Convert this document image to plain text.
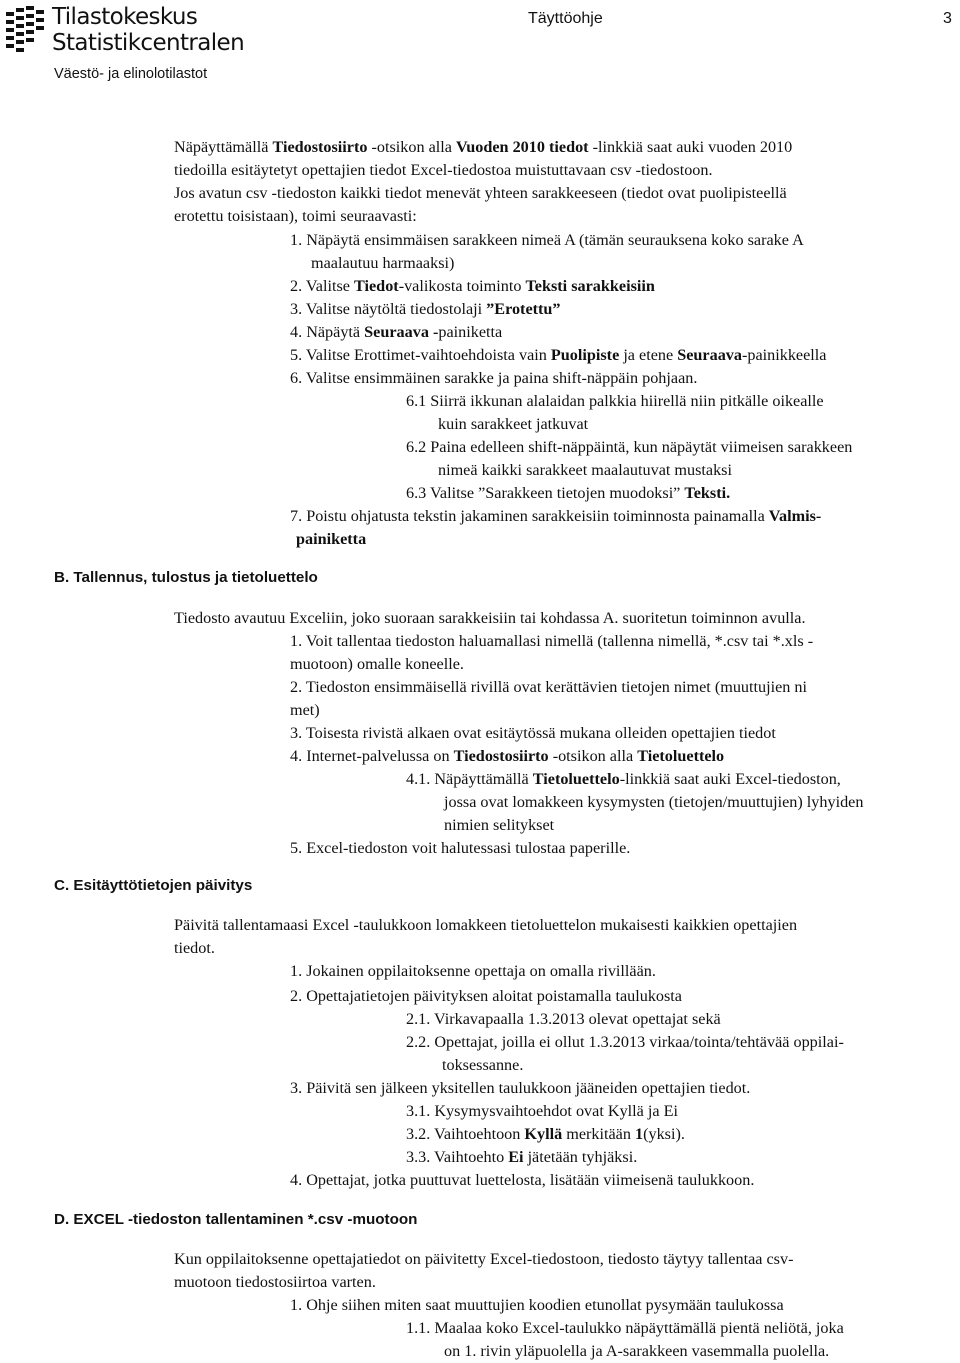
Tilastokeskus
Statistikcentralen
Täyttöohje	3
Väestö- ja elinolotilastot

Näpäyttämällä Tiedostosiirto -otsikon alla Vuoden 2010 tiedot -linkkiä saat auki vuoden 2010

tiedoilla esitäytetyt opettajien tiedot Excel-tiedostoa muistuttavaan csv -tiedostoon.

Jos avatun csv -tiedoston kaikki tiedot menevät yhteen sarakkeeseen (tiedot ovat puolipisteellä

erotettu toisistaan), toimi seuraavasti:

1. Näpäytä ensimmäisen sarakkeen nimeä A (tämän seurauksena koko sarake A

maalautuu harmaaksi)

2. Valitse Tiedot-valikosta toiminto Teksti sarakkeisiin

3. Valitse näytöltä tiedostolaji ”Erotettu”

4. Näpäytä Seuraava -painiketta

5. Valitse Erottimet-vaihtoehdoista vain Puolipiste ja etene Seuraava-painikkeella

6. Valitse ensimmäinen sarakke ja paina shift-näppäin pohjaan.

6.1 Siirrä ikkunan alalaidan palkkia hiirellä niin pitkälle oikealle

kuin sarakkeet jatkuvat

6.2 Paina edelleen shift-näppäintä, kun näpäytät viimeisen sarakkeen

nimeä kaikki sarakkeet maalautuvat mustaksi

6.3 Valitse ”Sarakkeen tietojen muodoksi” Teksti.

7. Poistu ohjatusta tekstin jakaminen sarakkeisiin toiminnosta painamalla Valmis-

painiketta

B. Tallennus, tulostus ja tietoluettelo

Tiedosto avautuu Exceliin, joko suoraan sarakkeisiin tai kohdassa A. suoritetun toiminnon avulla.

1. Voit tallentaa tiedoston haluamallasi nimellä (tallenna nimellä, *.csv tai *.xls -

muotoon) omalle koneelle.

2. Tiedoston ensimmäisellä rivillä ovat kerättävien tietojen nimet (muuttujien ni

met)

3. Toisesta rivistä alkaen ovat esitäytössä mukana olleiden opettajien tiedot

4. Internet-palvelussa on Tiedostosiirto -otsikon alla Tietoluettelo

4.1. Näpäyttämällä Tietoluettelo-linkkiä saat auki Excel-tiedoston,

jossa ovat lomakkeen kysymysten (tietojen/muuttujien) lyhyiden

nimien selitykset

5. Excel-tiedoston voit halutessasi tulostaa paperille.

C. Esitäyttötietojen päivitys

Päivitä tallentamaasi Excel -taulukkoon lomakkeen tietoluettelon mukaisesti kaikkien opettajien

tiedot.

1. Jokainen oppilaitoksenne opettaja on omalla rivillään.

2. Opettajatietojen päivityksen aloitat poistamalla taulukosta

2.1. Virkavapaalla 1.3.2013 olevat opettajat sekä

2.2. Opettajat, joilla ei ollut 1.3.2013 virkaa/tointa/tehtävää oppilai-

toksessanne.

3. Päivitä sen jälkeen yksitellen taulukkoon jääneiden opettajien tiedot.

3.1. Kysymysvaihtoehdot ovat Kyllä ja Ei

3.2. Vaihtoehtoon Kyllä merkitään 1(yksi).

3.3. Vaihtoehto Ei jätetään tyhjäksi.

4. Opettajat, jotka puuttuvat luettelosta, lisätään viimeisenä taulukkoon.

D. EXCEL -tiedoston tallentaminen *.csv -muotoon

Kun oppilaitoksenne opettajatiedot on päivitetty Excel-tiedostoon, tiedosto täytyy tallentaa csv-

muotoon tiedostosiirtoa varten.

1. Ohje siihen miten saat muuttujien koodien etunollat pysymään taulukossa

1.1. Maalaa koko Excel-taulukko näpäyttämällä pientä neliötä, joka

on 1. rivin yläpuolella ja A-sarakkeen vasemmalla puolella.
